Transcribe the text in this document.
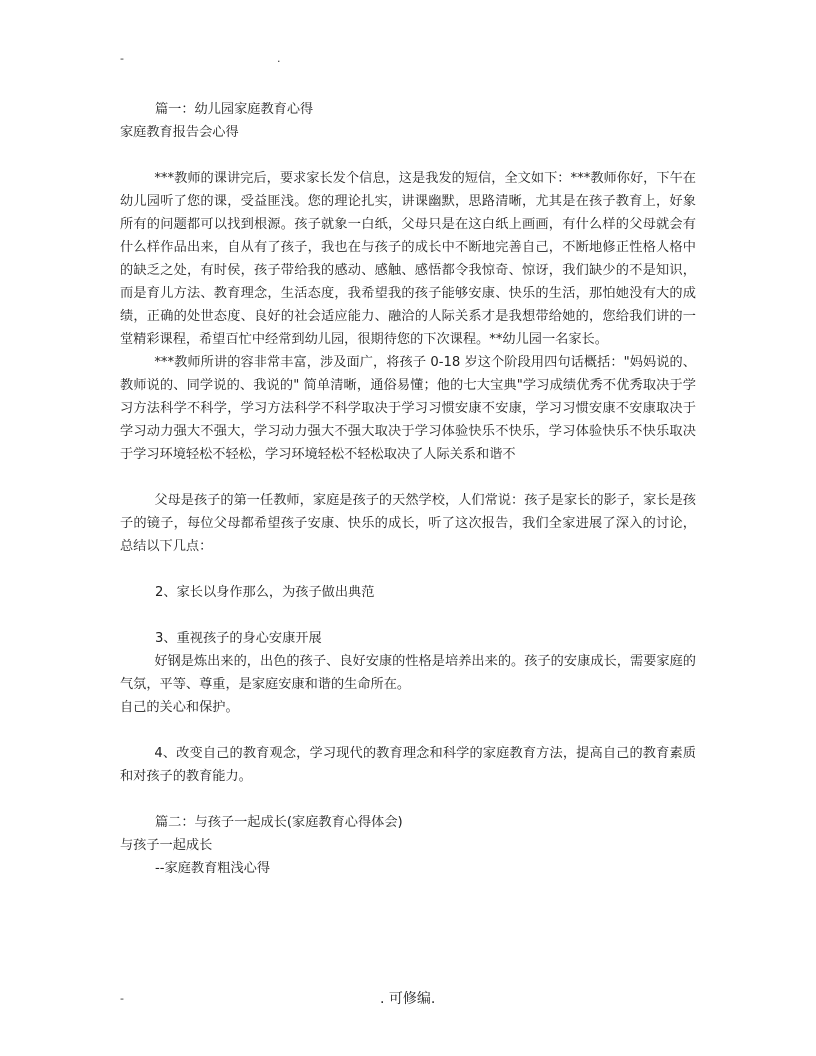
-	.

篇一：幼儿园家庭教育心得

家庭教育报告会心得

***教师的课讲完后，要求家长发个信息，这是我发的短信，全文如下：***教师你好，下午在幼儿园听了您的课，受益匪浅。您的理论扎实，讲课幽默，思路清晰，尤其是在孩子教育上，好象所有的问题都可以找到根源。孩子就象一白纸，父母只是在这白纸上画画，有什么样的父母就会有什么样作品出来，自从有了孩子，我也在与孩子的成长中不断地完善自己，不断地修正性格人格中的缺乏之处，有时侯，孩子带给我的感动、感触、感悟都令我惊奇、惊讶，我们缺少的不是知识，而是育儿方法、教育理念，生活态度，我希望我的孩子能够安康、快乐的生活，那怕她没有大的成绩，正确的处世态度、良好的社会适应能力、融洽的人际关系才是我想带给她的，您给我们讲的一堂精彩课程，希望百忙中经常到幼儿园，很期待您的下次课程。**幼儿园一名家长。

***教师所讲的容非常丰富，涉及面广，将孩子 0-18 岁这个阶段用四句话概括："妈妈说的、教师说的、同学说的、我说的" 简单清晰，通俗易懂；他的七大宝典"学习成绩优秀不优秀取决于学习方法科学不科学，学习方法科学不科学取决于学习习惯安康不安康，学习习惯安康不安康取决于学习动力强大不强大，学习动力强大不强大取决于学习体验快乐不快乐，学习体验快乐不快乐取决于学习环境轻松不轻松，学习环境轻松不轻松取决了人际关系和谐不

父母是孩子的第一任教师，家庭是孩子的天然学校，人们常说：孩子是家长的影子，家长是孩子的镜子，每位父母都希望孩子安康、快乐的成长，听了这次报告，我们全家进展了深入的讨论，总结以下几点：

2、家长以身作那么，为孩子做出典范

3、重视孩子的身心安康开展

好钢是炼出来的，出色的孩子、良好安康的性格是培养出来的。孩子的安康成长，需要家庭的气氛，平等、尊重，是家庭安康和谐的生命所在。

自己的关心和保护。

4、改变自己的教育观念，学习现代的教育理念和科学的家庭教育方法，提高自己的教育素质和对孩子的教育能力。

篇二：与孩子一起成长(家庭教育心得体会)

与孩子一起成长

--家庭教育粗浅心得

-	. 可修编.
